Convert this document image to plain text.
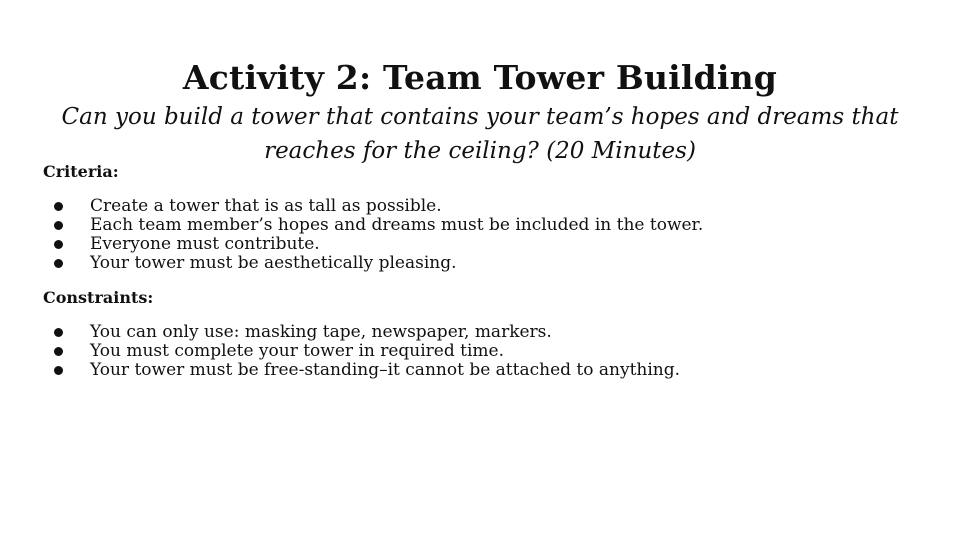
Activity 2: Team Tower Building

Can you build a tower that contains your team’s hopes and dreams that reaches for the ceiling? (20 Minutes)

Criteria:

Create a tower that is as tall as possible.
Each team member’s hopes and dreams must be included in the tower.
Everyone must contribute.
Your tower must be aesthetically pleasing.

Constraints:

You can only use: masking tape, newspaper, markers.
You must complete your tower in required time.
Your tower must be free-standing–it cannot be attached to anything.
